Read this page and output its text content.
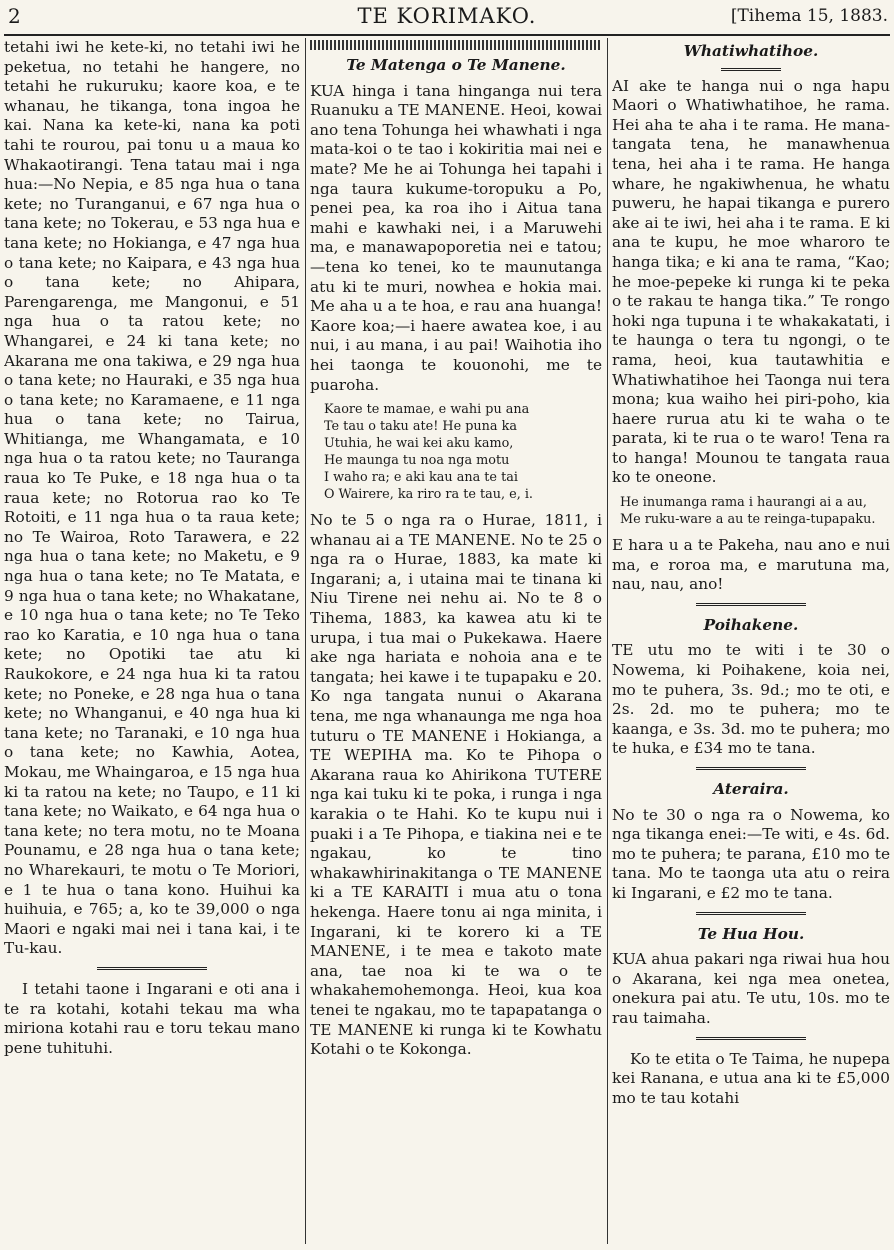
2	TE KORIMAKO.	[Tihema 15, 1883.

tetahi iwi he kete-ki, no tetahi iwi he peketua, no tetahi he hangere, no tetahi he rukuruku; kaore koa, e te whanau, he tikanga, tona ingoa he kai. Nana ka kete-ki, nana ka poti tahi te rourou, pai tonu u a maua ko Whakaotirangi. Tena tatau mai i nga hua:—No Nepia, e 85 nga hua o tana kete; no Turanganui, e 67 nga hua o tana kete; no Tokerau, e 53 nga hua e tana kete; no Hokianga, e 47 nga hua o tana kete; no Kaipara, e 43 nga hua o tana kete; no Ahipara, Parengarenga, me Mangonui, e 51 nga hua o ta ratou kete; no Whangarei, e 24 ki tana kete; no Akarana me ona takiwa, e 29 nga hua o tana kete; no Hauraki, e 35 nga hua o tana kete; no Karamaene, e 11 nga hua o tana kete; no Tairua, Whitianga, me Whangamata, e 10 nga hua o ta ratou kete; no Tauranga raua ko Te Puke, e 18 nga hua o ta raua kete; no Rotorua rao ko Te Rotoiti, e 11 nga hua o ta raua kete; no Te Wairoa, Roto Tarawera, e 22 nga hua o tana kete; no Maketu, e 9 nga hua o tana kete; no Te Matata, e 9 nga hua o tana kete; no Whakatane, e 10 nga hua o tana kete; no Te Teko rao ko Karatia, e 10 nga hua o tana kete; no Opotiki tae atu ki Raukokore, e 24 nga hua ki ta ratou kete; no Poneke, e 28 nga hua o tana kete; no Whanganui, e 40 nga hua ki tana kete; no Taranaki, e 10 nga hua o tana kete; no Kawhia, Aotea, Mokau, me Whaingaroa, e 15 nga hua ki ta ratou na kete; no Taupo, e 11 ki tana kete; no Waikato, e 64 nga hua o tana kete; no tera motu, no te Moana Pounamu, e 28 nga hua o tana kete; no Wharekauri, te motu o Te Moriori, e 1 te hua o tana kono. Huihui ka huihuia, e 765; a, ko te 39,000 o nga Maori e ngaki mai nei i tana kai, i te Tu-kau.

I tetahi taone i Ingarani e oti ana i te ra kotahi, kotahi tekau ma wha miriona kotahi rau e toru tekau mano pene tuhituhi.

Te Matenga o Te Manene.

KUA hinga i tana hinganga nui tera Ruanuku a TE MANENE. Heoi, kowai ano tena Tohunga hei whawhati i nga mata-koi o te tao i kokiritia mai nei e mate? Me he ai Tohunga hei tapahi i nga taura kukume-toropuku a Po, penei pea, ka roa iho i Aitua tana mahi e kawhaki nei, i a Maruwehi ma, e manawapoporetia nei e tatou;—tena ko tenei, ko te maunutanga atu ki te muri, nowhea e hokia mai. Me aha u a te hoa, e rau ana huanga! Kaore koa;—i haere awatea koe, i au nui, i au mana, i au pai! Waihotia iho hei taonga te kouonohi, me te puaroha.

Kaore te mamae, e wahi pu ana
Te tau o taku ate! He puna ka
Utuhia, he wai kei aku kamo,
He maunga tu noa nga motu
I waho ra; e aki kau ana te tai
O Wairere, ka riro ra te tau, e, i.

No te 5 o nga ra o Hurae, 1811, i whanau ai a TE MANENE. No te 25 o nga ra o Hurae, 1883, ka mate ki Ingarani; a, i utaina mai te tinana ki Niu Tirene nei nehu ai. No te 8 o Tihema, 1883, ka kawea atu ki te urupa, i tua mai o Pukekawa. Haere ake nga hariata e nohoia ana e te tangata; hei kawe i te tupapaku e 20. Ko nga tangata nunui o Akarana tena, me nga whanaunga me nga hoa tuturu o TE MANENE i Hokianga, a TE WEPIHA ma. Ko te Pihopa o Akarana raua ko Ahirikona TUTERE nga kai tuku ki te poka, i runga i nga karakia o te Hahi. Ko te kupu nui i puaki i a Te Pihopa, e tiakina nei e te ngakau, ko te tino whakawhirinakitanga o TE MANENE ki a TE KARAITI i mua atu o tona hekenga. Haere tonu ai nga minita, i Ingarani, ki te korero ki a TE MANENE, i te mea e takoto mate ana, tae noa ki te wa o te whakahemohemonga. Heoi, kua koa tenei te ngakau, mo te tapapatanga o TE MANENE ki runga ki te Kowhatu Kotahi o te Kokonga.

Whatiwhatihoe.

AI ake te hanga nui o nga hapu Maori o Whatiwhatihoe, he rama. Hei aha te aha i te rama. He mana-tangata tena, he manawhenua tena, hei aha i te rama. He hanga whare, he ngakiwhenua, he whatu puweru, he hapai tikanga e purero ake ai te iwi, hei aha i te rama. E ki ana te kupu, he moe wharoro te hanga tika; e ki ana te rama, “Kao; he moe-pepeke ki runga ki te peka o te rakau te hanga tika.” Te rongo hoki nga tupuna i te whakakatati, i te haunga o tera tu ngongi, o te rama, heoi, kua tautawhitia e Whatiwhatihoe hei Taonga nui tera mona; kua waiho hei piri-poho, kia haere rurua atu ki te waha o te parata, ki te rua o te waro! Tena ra to hanga! Mounou te tangata raua ko te oneone.

He inumanga rama i haurangi ai a au,
Me ruku-ware a au te reinga-tupapaku.

E hara u a te Pakeha, nau ano e nui ma, e roroa ma, e marutuna ma, nau, nau, ano!

Poihakene.

TE utu mo te witi i te 30 o Nowema, ki Poihakene, koia nei, mo te puhera, 3s. 9d.; mo te oti, e 2s. 2d. mo te puhera; mo te kaanga, e 3s. 3d. mo te puhera; mo te huka, e £34 mo te tana.

Ateraira.

No te 30 o nga ra o Nowema, ko nga tikanga enei:—Te witi, e 4s. 6d. mo te puhera; te parana, £10 mo te tana. Mo te taonga uta atu o reira ki Ingarani, e £2 mo te tana.

Te Hua Hou.

KUA ahua pakari nga riwai hua hou o Akarana, kei nga mea onetea, onekura pai atu. Te utu, 10s. mo te rau taimaha.

Ko te etita o Te Taima, he nupepa kei Ranana, e utua ana ki te £5,000 mo te tau kotahi
